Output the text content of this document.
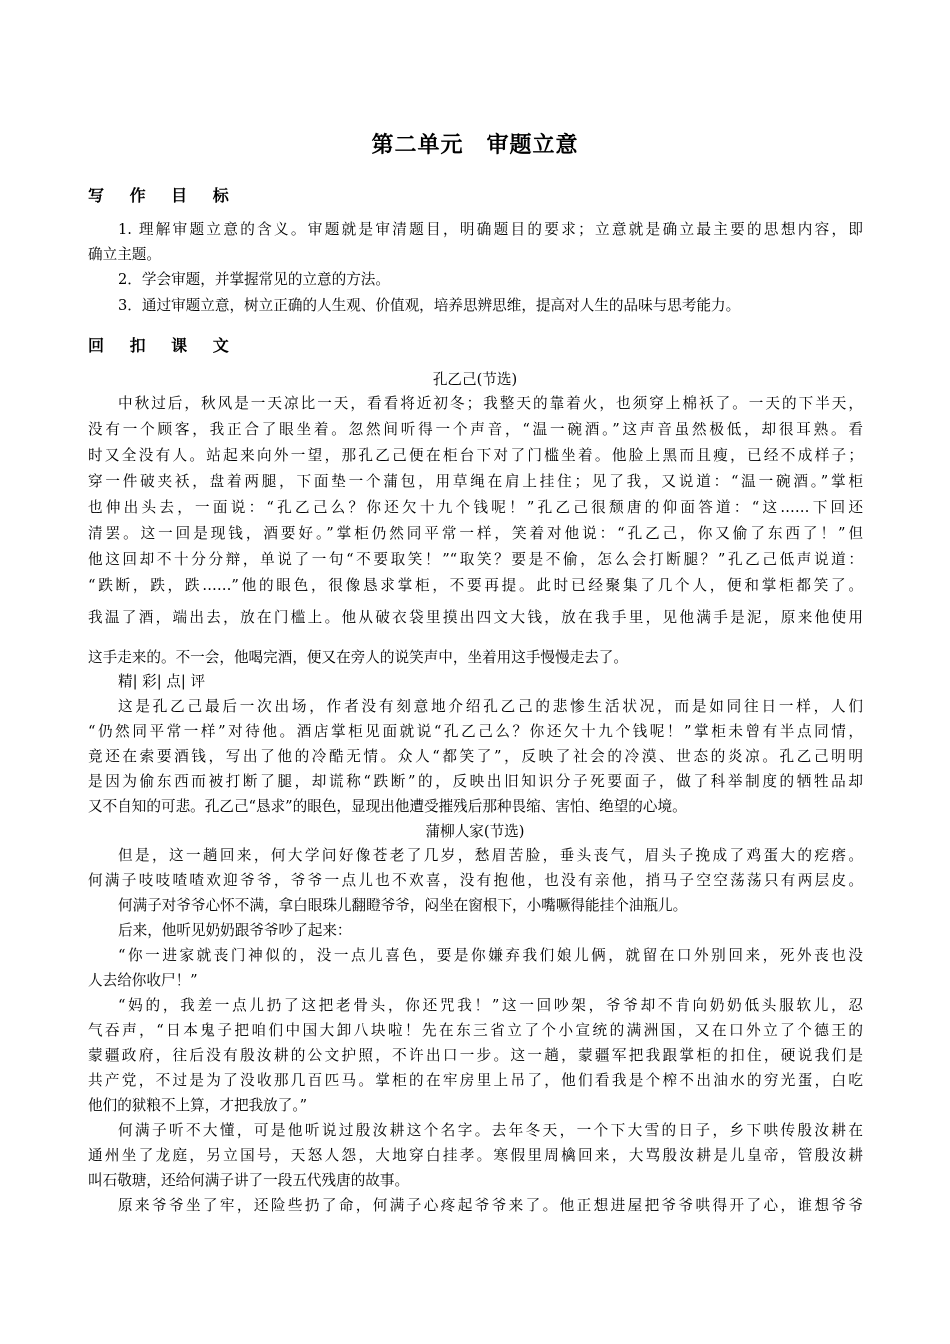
第二单元　审题立意
写 作 目 标
1. 理解审题立意的含义。审题就是审清题目，明确题目的要求；立意就是确立最主要的思想内容，即
确立主题。
2．学会审题，并掌握常见的立意的方法。
3．通过审题立意，树立正确的人生观、价值观，培养思辨思维，提高对人生的品味与思考能力。
回 扣 课 文
孔乙己(节选)
中秋过后，秋风是一天凉比一天，看看将近初冬；我整天的靠着火，也须穿上棉袄了。一天的下半天，
没有一个顾客，我正合了眼坐着。忽然间听得一个声音，“温一碗酒。”这声音虽然极低，却很耳熟。看
时又全没有人。站起来向外一望，那孔乙己便在柜台下对了门槛坐着。他脸上黑而且瘦，已经不成样子；
穿一件破夹袄，盘着两腿，下面垫一个蒲包，用草绳在肩上挂住；见了我，又说道：“温一碗酒。”掌柜
也伸出头去，一面说：“孔乙己么？你还欠十九个钱呢！”孔乙己很颓唐的仰面答道：“这……下回还
清罢。这一回是现钱，酒要好。”掌柜仍然同平常一样，笑着对他说：“孔乙己，你又偷了东西了！”但
他这回却不十分分辩，单说了一句“不要取笑！”“取笑？要是不偷，怎么会打断腿？”孔乙己低声说道：
“跌断，跌，跌……”他的眼色，很像恳求掌柜，不要再提。此时已经聚集了几个人，便和掌柜都笑了。
我温了酒，端出去，放在门槛上。他从破衣袋里摸出四文大钱，放在我手里，见他满手是泥，原来他使用
这手走来的。不一会，他喝完酒，便又在旁人的说笑声中，坐着用这手慢慢走去了。
精| 彩| 点| 评
这是孔乙己最后一次出场，作者没有刻意地介绍孔乙己的悲惨生活状况，而是如同往日一样，人们
“仍然同平常一样”对待他。酒店掌柜见面就说“孔乙己么？你还欠十九个钱呢！”掌柜未曾有半点同情，
竟还在索要酒钱，写出了他的冷酷无情。众人“都笑了”，反映了社会的冷漠、世态的炎凉。孔乙己明明
是因为偷东西而被打断了腿，却谎称“跌断”的，反映出旧知识分子死要面子，做了科举制度的牺牲品却
又不自知的可悲。孔乙己“恳求”的眼色，显现出他遭受摧残后那种畏缩、害怕、绝望的心境。
蒲柳人家(节选)
但是，这一趟回来，何大学问好像苍老了几岁，愁眉苦脸，垂头丧气，眉头子挽成了鸡蛋大的疙瘩。
何满子吱吱喳喳欢迎爷爷，爷爷一点儿也不欢喜，没有抱他，也没有亲他，捎马子空空荡荡只有两层皮。
何满子对爷爷心怀不满，拿白眼珠儿翻瞪爷爷，闷坐在窗根下，小嘴噘得能挂个油瓶儿。
后来，他听见奶奶跟爷爷吵了起来：
“你一进家就丧门神似的，没一点儿喜色，要是你嫌弃我们娘儿俩，就留在口外别回来，死外丧也没
人去给你收尸！”
“妈的，我差一点儿扔了这把老骨头，你还咒我！”这一回吵架，爷爷却不肯向奶奶低头服软儿，忍
气吞声，“日本鬼子把咱们中国大卸八块啦！先在东三省立了个小宣统的满洲国，又在口外立了个德王的
蒙疆政府，往后没有殷汝耕的公文护照，不许出口一步。这一趟，蒙疆军把我跟掌柜的扣住，硬说我们是
共产党，不过是为了没收那几百匹马。掌柜的在牢房里上吊了，他们看我是个榨不出油水的穷光蛋，白吃
他们的狱粮不上算，才把我放了。”
何满子听不大懂，可是他听说过殷汝耕这个名字。去年冬天，一个下大雪的日子，乡下哄传殷汝耕在
通州坐了龙庭，另立国号，天怒人怨，大地穿白挂孝。寒假里周檎回来，大骂殷汝耕是儿皇帝，管殷汝耕
叫石敬瑭，还给何满子讲了一段五代残唐的故事。
原来爷爷坐了牢，还险些扔了命，何满子心疼起爷爷来了。他正想进屋把爷爷哄得开了心，谁想爷爷
